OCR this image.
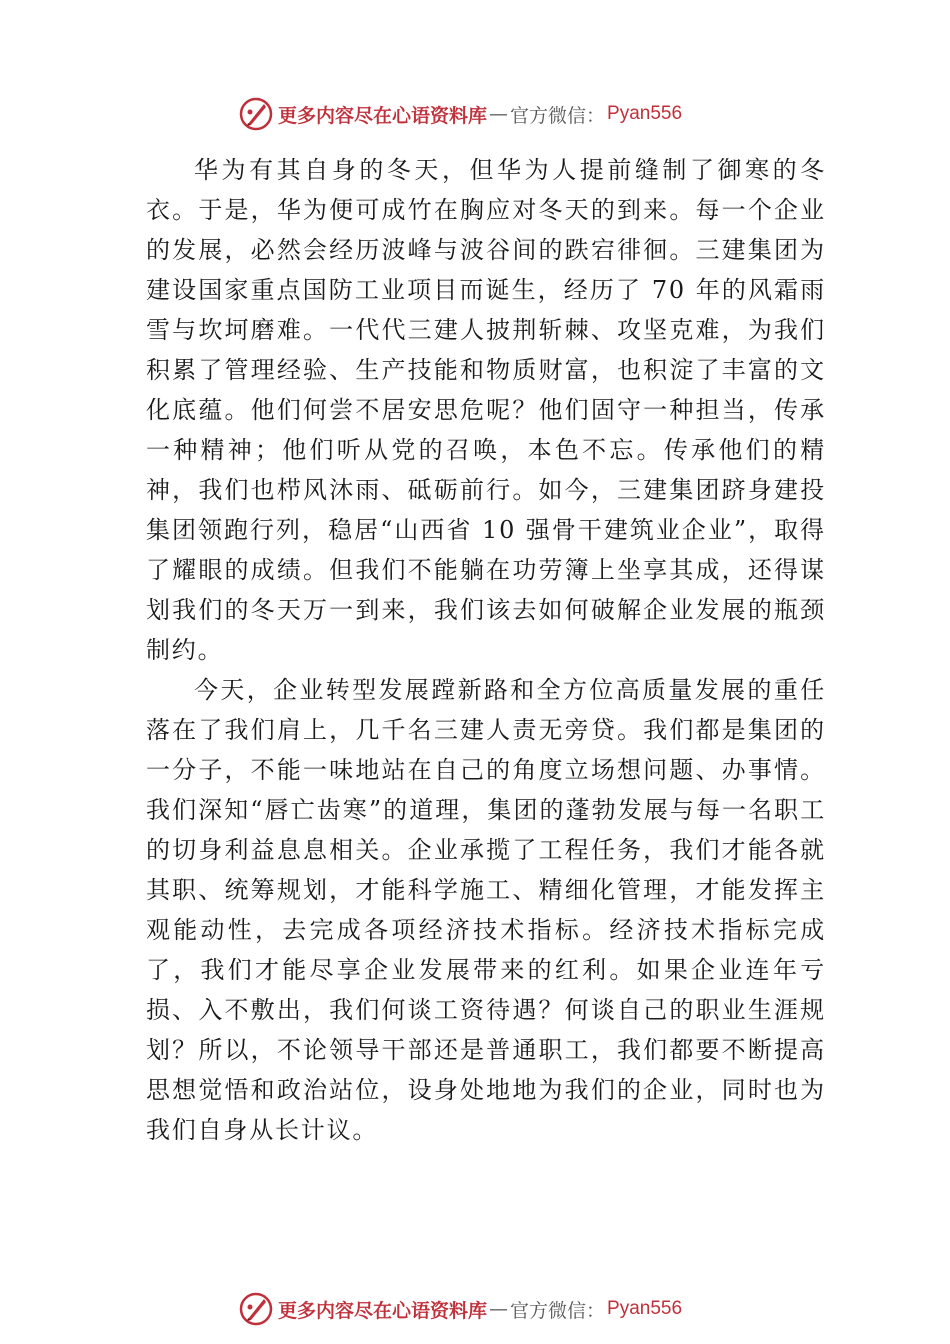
更多内容尽在心语资料库 — 官方微信： Pyan556

华为有其自身的冬天，但华为人提前缝制了御寒的冬衣。于是，华为便可成竹在胸应对冬天的到来。每一个企业的发展，必然会经历波峰与波谷间的跌宕徘徊。三建集团为建设国家重点国防工业项目而诞生，经历了 70 年的风霜雨雪与坎坷磨难。一代代三建人披荆斩棘、攻坚克难，为我们积累了管理经验、生产技能和物质财富，也积淀了丰富的文化底蕴。他们何尝不居安思危呢？他们固守一种担当，传承一种精神；他们听从党的召唤，本色不忘。传承他们的精神，我们也栉风沐雨、砥砺前行。如今，三建集团跻身建投集团领跑行列，稳居“山西省 10 强骨干建筑业企业”，取得了耀眼的成绩。但我们不能躺在功劳簿上坐享其成，还得谋划我们的冬天万一到来，我们该去如何破解企业发展的瓶颈制约。

今天，企业转型发展蹚新路和全方位高质量发展的重任落在了我们肩上，几千名三建人责无旁贷。我们都是集团的一分子，不能一味地站在自己的角度立场想问题、办事情。我们深知“唇亡齿寒”的道理，集团的蓬勃发展与每一名职工的切身利益息息相关。企业承揽了工程任务，我们才能各就其职、统筹规划，才能科学施工、精细化管理，才能发挥主观能动性，去完成各项经济技术指标。经济技术指标完成了，我们才能尽享企业发展带来的红利。如果企业连年亏损、入不敷出，我们何谈工资待遇？何谈自己的职业生涯规划？所以，不论领导干部还是普通职工，我们都要不断提高思想觉悟和政治站位，设身处地地为我们的企业，同时也为我们自身从长计议。

更多内容尽在心语资料库 — 官方微信： Pyan556
